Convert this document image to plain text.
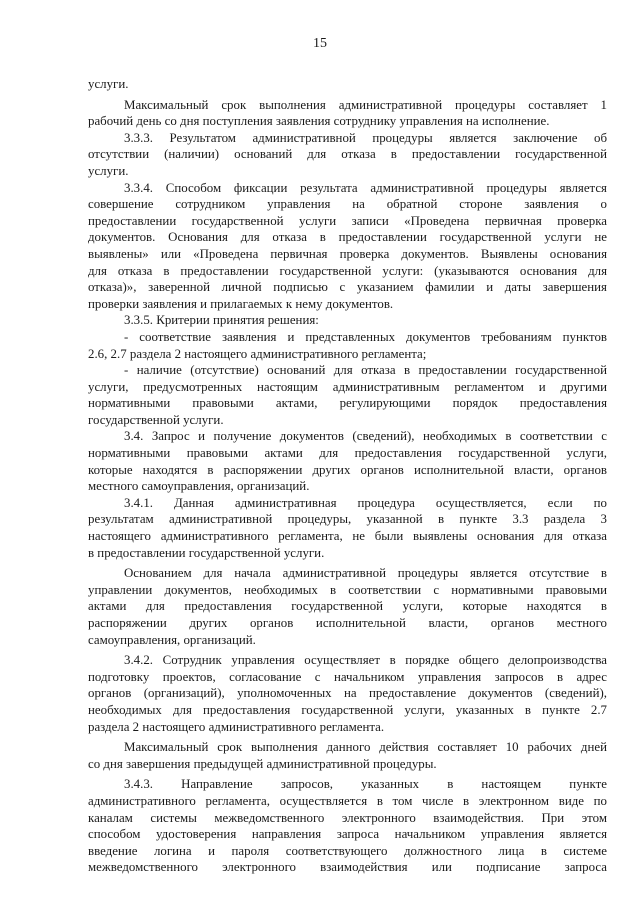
15
услуги.
Максимальный срок выполнения административной процедуры составляет 1
рабочий день со дня поступления заявления сотруднику управления на исполнение.
3.3.3. Результатом административной процедуры является заключение об
отсутствии (наличии) оснований для отказа в предоставлении государственной
услуги.
3.3.4. Способом фиксации результата административной процедуры является
совершение сотрудником управления на обратной стороне заявления о
предоставлении государственной услуги записи «Проведена первичная проверка
документов. Основания для отказа в предоставлении государственной услуги не
выявлены» или «Проведена первичная проверка документов. Выявлены основания
для отказа в предоставлении государственной услуги: (указываются основания для
отказа)», заверенной личной подписью с указанием фамилии и даты завершения
проверки заявления и прилагаемых к нему документов.
3.3.5. Критерии принятия решения:
- соответствие заявления и представленных документов требованиям пунктов
2.6, 2.7 раздела 2 настоящего административного регламента;
- наличие (отсутствие) оснований для отказа в предоставлении государственной
услуги, предусмотренных настоящим административным регламентом и другими
нормативными правовыми актами, регулирующими порядок предоставления
государственной услуги.
3.4. Запрос и получение документов (сведений), необходимых в соответствии с
нормативными правовыми актами для предоставления государственной услуги,
которые находятся в распоряжении других органов исполнительной власти, органов
местного самоуправления, организаций.
3.4.1. Данная административная процедура осуществляется, если по
результатам административной процедуры, указанной в пункте 3.3 раздела 3
настоящего административного регламента, не были выявлены основания для отказа
в предоставлении государственной услуги.
Основанием для начала административной процедуры является отсутствие в
управлении документов, необходимых в соответствии с нормативными правовыми
актами для предоставления государственной услуги, которые находятся в
распоряжении других органов исполнительной власти, органов местного
самоуправления, организаций.
3.4.2. Сотрудник управления осуществляет в порядке общего делопроизводства
подготовку проектов, согласование с начальником управления запросов в адрес
органов (организаций), уполномоченных на предоставление документов (сведений),
необходимых для предоставления государственной услуги, указанных в пункте 2.7
раздела 2 настоящего административного регламента.
Максимальный срок выполнения данного действия составляет 10 рабочих дней
со дня завершения предыдущей административной процедуры.
3.4.3. Направление запросов, указанных в настоящем пункте
административного регламента, осуществляется в том числе в электронном виде по
каналам системы межведомственного электронного взаимодействия. При этом
способом удостоверения направления запроса начальником управления является
введение логина и пароля соответствующего должностного лица в системе
межведомственного электронного взаимодействия или подписание запроса
